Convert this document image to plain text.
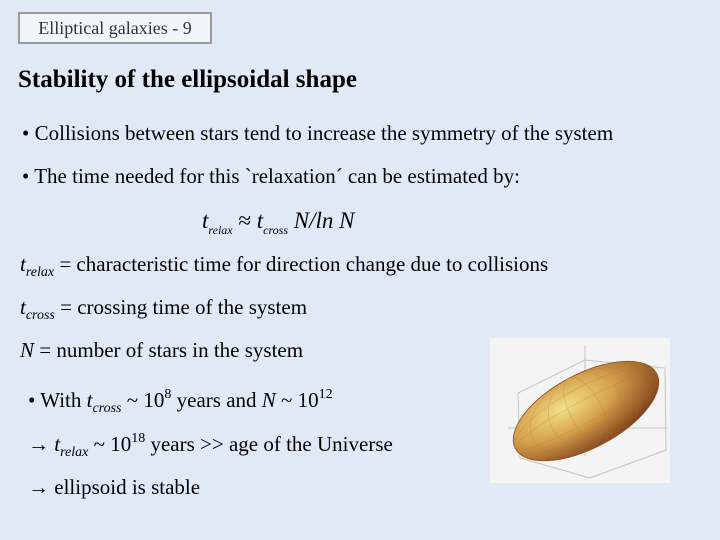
Elliptical galaxies - 9
Stability of the ellipsoidal shape
• Collisions between stars tend to increase the symmetry of the system
• The time needed for this `relaxation´ can be estimated by:
$t_{relax} \approx t_{cross}$ N/ln N
$t_{relax}$ = characteristic time for direction change due to collisions
$t_{cross}$ = crossing time of the system
N = number of stars in the system
• With $t_{cross}$ ~ $10^8$ years and N ~ $10^{12}$
→ $t_{relax}$ ~ $10^{18}$ years >> age of the Universe
→ ellipsoid is stable
